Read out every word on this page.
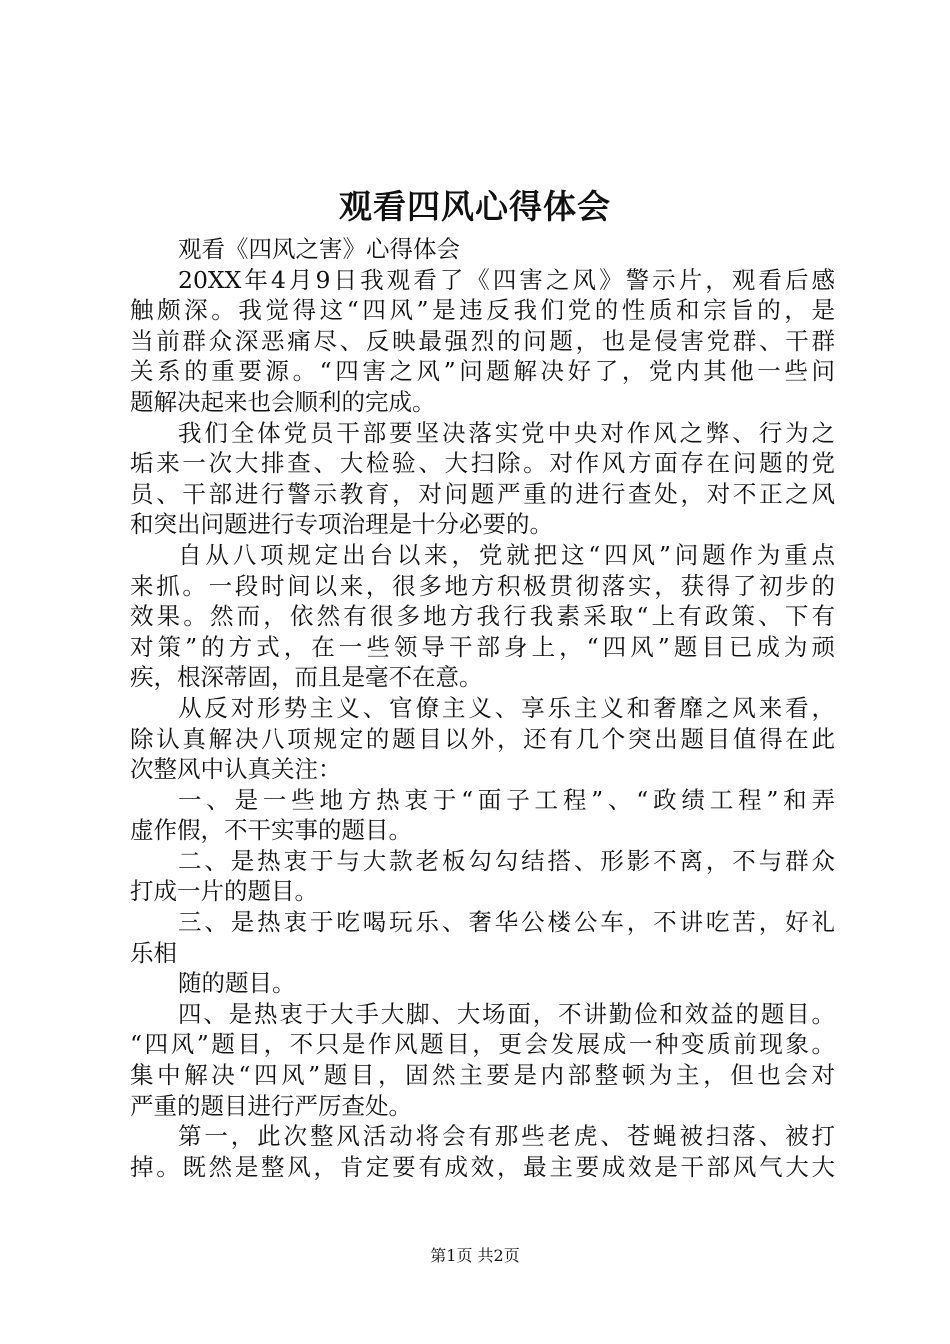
观看四风心得体会
观看《四风之害》心得体会
20XX年4月9日我观看了《四害之风》警示片，观看后感
触颇深。我觉得这“四风”是违反我们党的性质和宗旨的，是
当前群众深恶痛尽、反映最强烈的问题，也是侵害党群、干群
关系的重要源。“四害之风”问题解决好了，党内其他一些问
题解决起来也会顺利的完成。
我们全体党员干部要坚决落实党中央对作风之弊、行为之
垢来一次大排查、大检验、大扫除。对作风方面存在问题的党
员、干部进行警示教育，对问题严重的进行查处，对不正之风
和突出问题进行专项治理是十分必要的。
自从八项规定出台以来，党就把这“四风”问题作为重点
来抓。一段时间以来，很多地方积极贯彻落实，获得了初步的
效果。然而，依然有很多地方我行我素采取“上有政策、下有
对策”的方式，在一些领导干部身上，“四风”题目已成为顽
疾，根深蒂固，而且是毫不在意。
从反对形势主义、官僚主义、享乐主义和奢靡之风来看，
除认真解决八项规定的题目以外，还有几个突出题目值得在此
次整风中认真关注：
一、是一些地方热衷于“面子工程”、“政绩工程”和弄
虚作假，不干实事的题目。
二、是热衷于与大款老板勾勾结搭、形影不离，不与群众
打成一片的题目。
三、是热衷于吃喝玩乐、奢华公楼公车，不讲吃苦，好礼
乐相
随的题目。
四、是热衷于大手大脚、大场面，不讲勤俭和效益的题目。
“四风”题目，不只是作风题目，更会发展成一种变质前现象。
集中解决“四风”题目，固然主要是内部整顿为主，但也会对
严重的题目进行严厉查处。
第一，此次整风活动将会有那些老虎、苍蝇被扫落、被打
掉。既然是整风，肯定要有成效，最主要成效是干部风气大大
第1页 共2页
